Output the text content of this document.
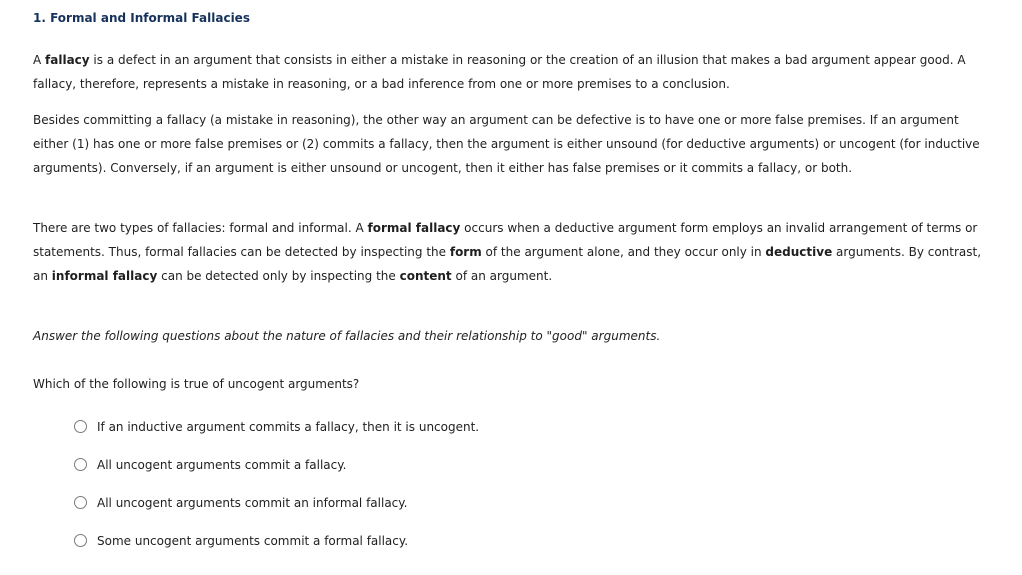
1. Formal and Informal Fallacies
A fallacy is a defect in an argument that consists in either a mistake in reasoning or the creation of an illusion that makes a bad argument appear good. A fallacy, therefore, represents a mistake in reasoning, or a bad inference from one or more premises to a conclusion.
Besides committing a fallacy (a mistake in reasoning), the other way an argument can be defective is to have one or more false premises. If an argument either (1) has one or more false premises or (2) commits a fallacy, then the argument is either unsound (for deductive arguments) or uncogent (for inductive arguments). Conversely, if an argument is either unsound or uncogent, then it either has false premises or it commits a fallacy, or both.
There are two types of fallacies: formal and informal. A formal fallacy occurs when a deductive argument form employs an invalid arrangement of terms or statements. Thus, formal fallacies can be detected by inspecting the form of the argument alone, and they occur only in deductive arguments. By contrast, an informal fallacy can be detected only by inspecting the content of an argument.
Answer the following questions about the nature of fallacies and their relationship to "good" arguments.
Which of the following is true of uncogent arguments?
If an inductive argument commits a fallacy, then it is uncogent.
All uncogent arguments commit a fallacy.
All uncogent arguments commit an informal fallacy.
Some uncogent arguments commit a formal fallacy.
